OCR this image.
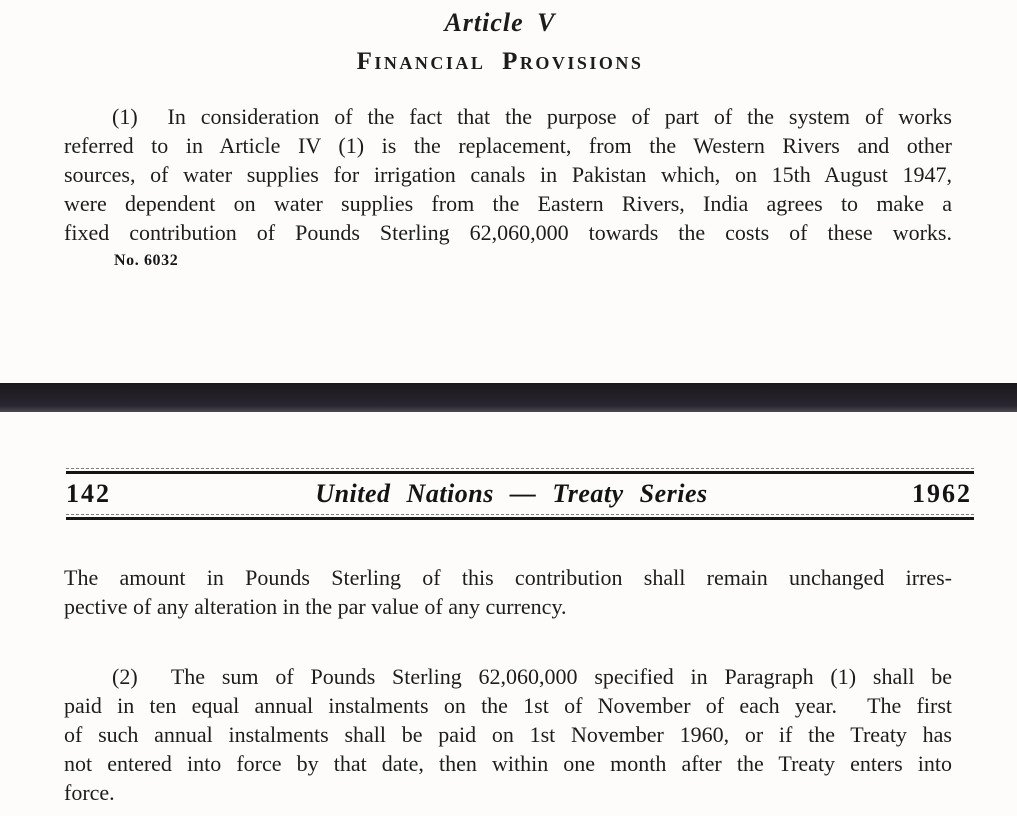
Article V
Financial Provisions
(1)  In consideration of the fact that the purpose of part of the system of works
referred to in Article IV (1) is the replacement, from the Western Rivers and other
sources, of water supplies for irrigation canals in Pakistan which, on 15th August 1947,
were dependent on water supplies from the Eastern Rivers, India agrees to make a
fixed contribution of Pounds Sterling 62,060,000 towards the costs of these works.
No. 6032
142	United Nations — Treaty Series	1962
The amount in Pounds Sterling of this contribution shall remain unchanged irres-
pective of any alteration in the par value of any currency.
(2)  The sum of Pounds Sterling 62,060,000 specified in Paragraph (1) shall be
paid in ten equal annual instalments on the 1st of November of each year.  The first
of such annual instalments shall be paid on 1st November 1960, or if the Treaty has
not entered into force by that date, then within one month after the Treaty enters into
force.
